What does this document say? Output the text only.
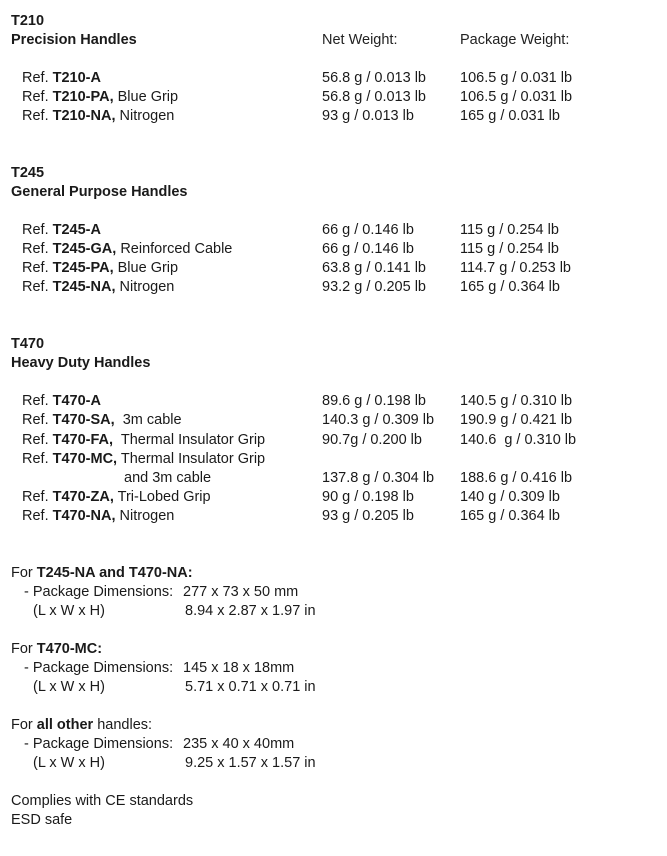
T210
Precision Handles	Net Weight:	Package Weight:
Ref. T210-A	56.8 g / 0.013 lb 106.5 g / 0.031 lb
Ref. T210-PA, Blue Grip	56.8 g / 0.013 lb 106.5 g / 0.031 lb
Ref. T210-NA, Nitrogen	93 g / 0.013 lb	165 g / 0.031 lb
T245
General Purpose Handles
Ref. T245-A	66 g / 0.146 lb	115 g / 0.254 lb
Ref. T245-GA, Reinforced Cable	66 g / 0.146 lb	115 g / 0.254 lb
Ref. T245-PA, Blue Grip	63.8 g / 0.141 lb 114.7 g / 0.253 lb
Ref. T245-NA, Nitrogen	93.2 g / 0.205 lb 165 g / 0.364 lb
T470
Heavy Duty Handles
Ref. T470-A	89.6 g / 0.198 lb 140.5 g / 0.310 lb
Ref. T470-SA,  3m cable	140.3 g / 0.309 lb 190.9 g / 0.421 lb
Ref. T470-FA,  Thermal Insulator Grip	90.7g / 0.200 lb	140.6  g / 0.310 lb
Ref. T470-MC, Thermal Insulator Grip
and 3m cable	137.8 g / 0.304 lb 188.6 g / 0.416 lb
Ref. T470-ZA, Tri-Lobed Grip	90 g / 0.198 lb	140 g / 0.309 lb
Ref. T470-NA, Nitrogen	93 g / 0.205 lb	165 g / 0.364 lb
For T245-NA and T470-NA:
- Package Dimensions: 277 x 73 x 50 mm
(L x W x H)	8.94 x 2.87 x 1.97 in
For T470-MC:
- Package Dimensions: 145 x 18 x 18mm
(L x W x H)	5.71 x 0.71 x 0.71 in
For all other handles:
- Package Dimensions: 235 x 40 x 40mm
(L x W x H)	9.25 x 1.57 x 1.57 in
Complies with CE standards
ESD safe
